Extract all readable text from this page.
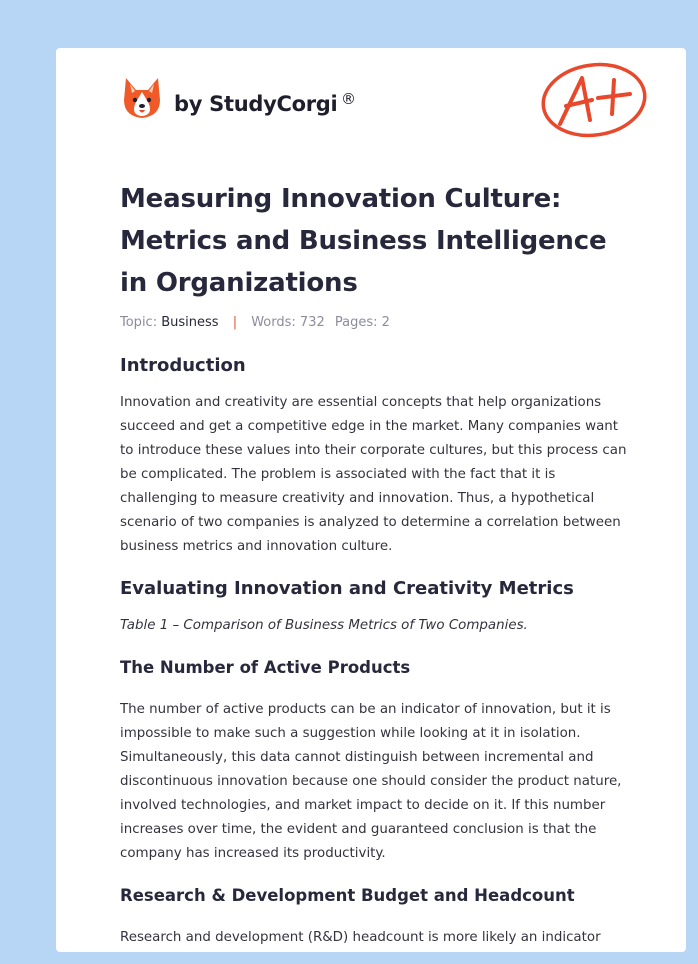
by StudyCorgi ®
Measuring Innovation Culture: Metrics and Business Intelligence in Organizations
Topic: Business | Words: 732 Pages: 2
Introduction

Innovation and creativity are essential concepts that help organizations succeed and get a competitive edge in the market. Many companies want to introduce these values into their corporate cultures, but this process can be complicated. The problem is associated with the fact that it is challenging to measure creativity and innovation. Thus, a hypothetical scenario of two companies is analyzed to determine a correlation between business metrics and innovation culture.

Evaluating Innovation and Creativity Metrics
Table 1 – Comparison of Business Metrics of Two Companies.
The Number of Active Products

The number of active products can be an indicator of innovation, but it is impossible to make such a suggestion while looking at it in isolation. Simultaneously, this data cannot distinguish between incremental and discontinuous innovation because one should consider the product nature, involved technologies, and market impact to decide on it. If this number increases over time, the evident and guaranteed conclusion is that the company has increased its productivity.

Research & Development Budget and Headcount

Research and development (R&D) headcount is more likely an indicator
